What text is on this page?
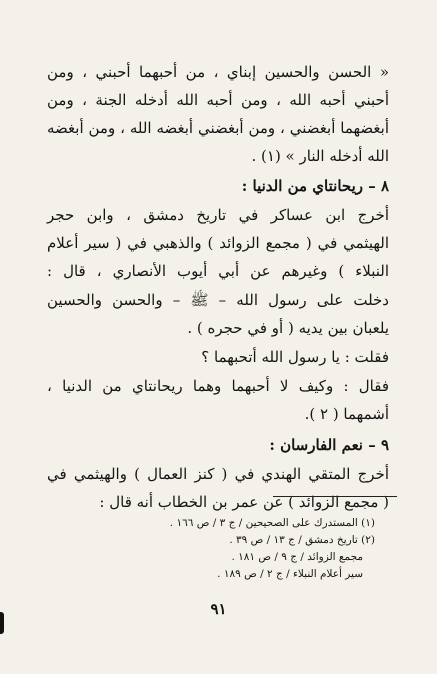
« الحسن والحسين إبناي ، من أحبهما أحبني ، ومن
أحبني أحبه الله ، ومن أحبه الله أدخله الجنة ، ومن
أبغضهما أبغضني ، ومن أبغضني أبغضه الله ، ومن أبغضه
الله أدخله النار » (١) .
٨ – ريحانتاي من الدنيا :
أخرج ابن عساكر في تاريخ دمشق ، وابن حجر
الهيثمي في ( مجمع الزوائد ) والذهبي في ( سير أعلام
النبلاء ) وغيرهم عن أبي أيوب الأنصاري ، قال :
دخلت على رسول الله – ﷺ – والحسن والحسين
يلعبان بين يديه ( أو في حجره ) .
فقلت : يا رسول الله أتحبهما ؟
فقال : وكيف لا أحبهما وهما ريحانتاي من الدنيا ،
أشمهما ( ٢ ).
٩ – نعم الفارسان :
أخرج المتقي الهندي في ( كنز العمال ) والهيثمي في
( مجمع الزوائد ) عن عمر بن الخطاب أنه قال :
(١) المستدرك على الصحيحين / ج ٣ / ص ١٦٦ .
(٢) تاريخ دمشق / ج ١٣ / ص ٣٩ .
مجمع الزوائد / ج ٩ / ص ١٨١ .
سير أعلام النبلاء / ج ٢ / ص ١٨٩ .
٩١
